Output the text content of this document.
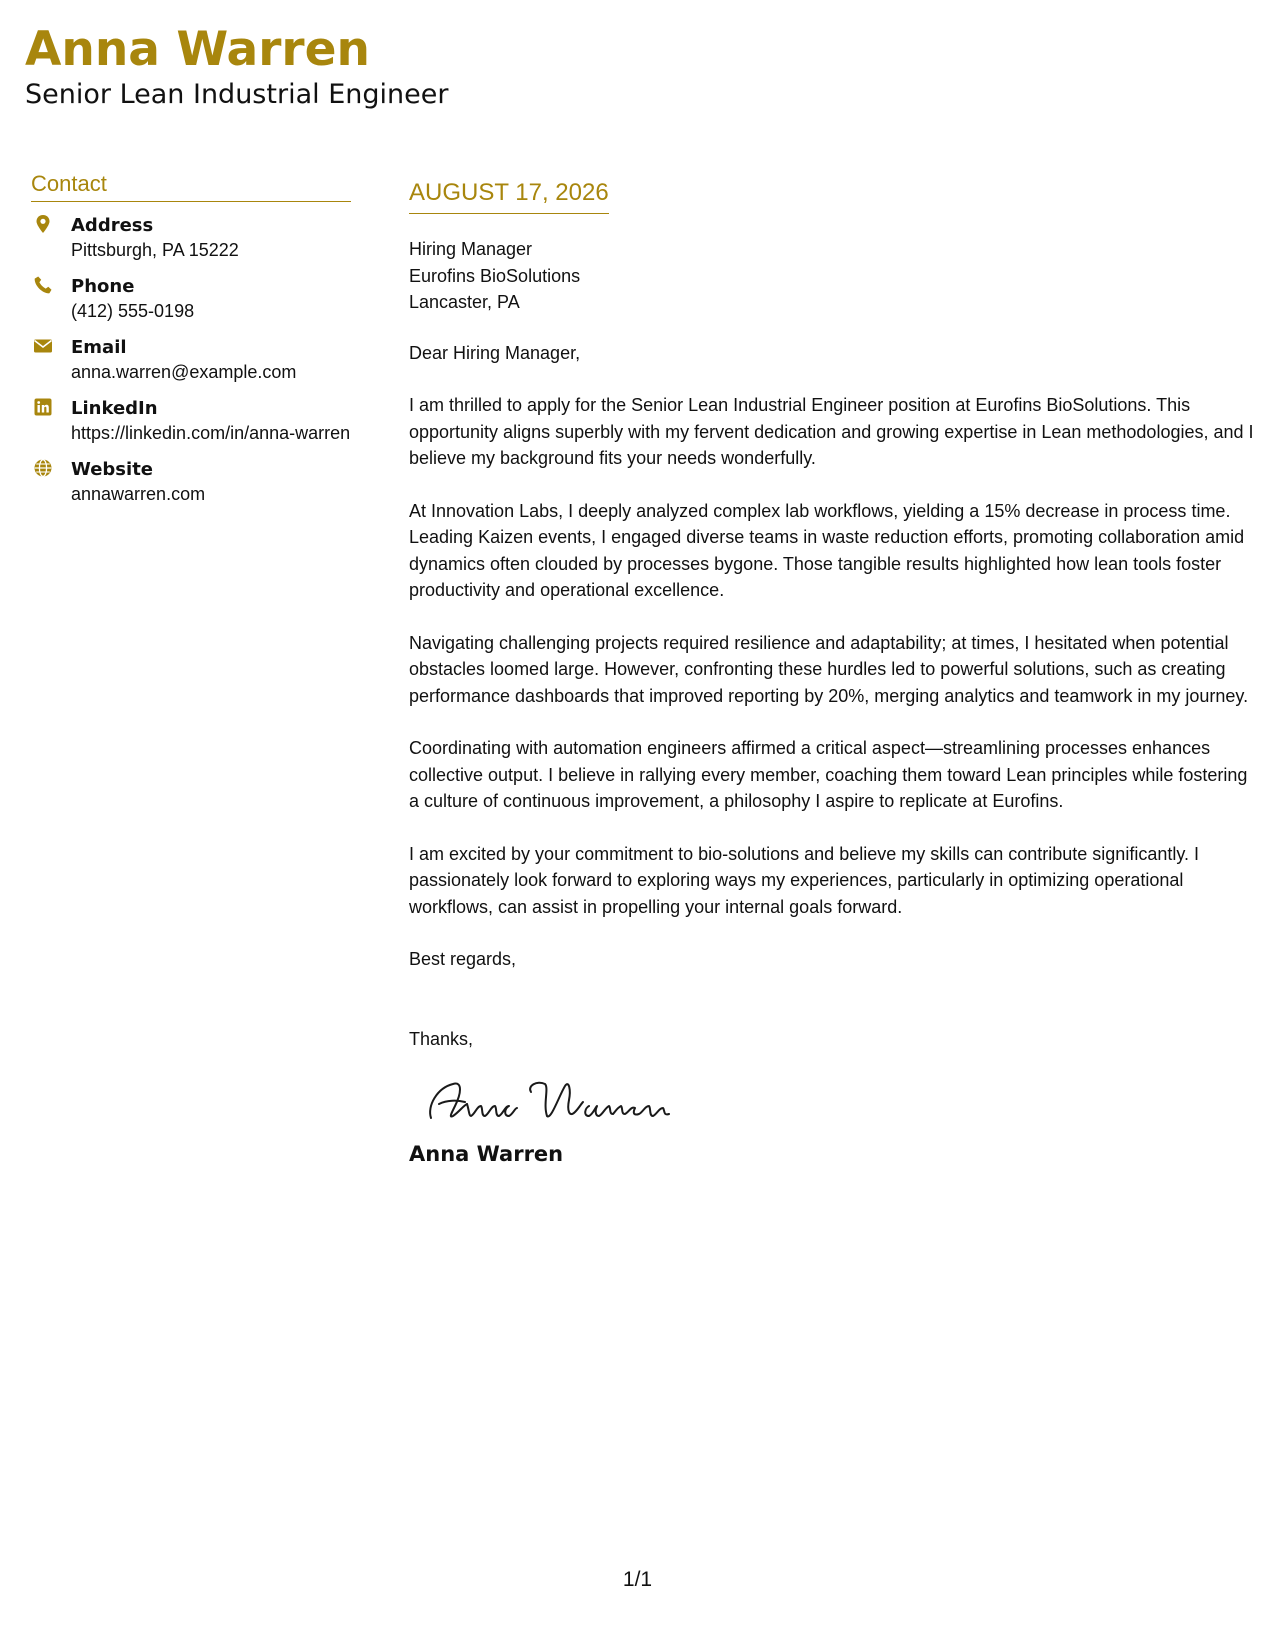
Anna Warren
Senior Lean Industrial Engineer
Contact
Address
Pittsburgh, PA 15222
Phone
(412) 555-0198
Email
anna.warren@example.com
LinkedIn
https://linkedin.com/in/anna-warren
Website
annawarren.com
AUGUST 17, 2026
Hiring Manager
Eurofins BioSolutions
Lancaster, PA
Dear Hiring Manager,

I am thrilled to apply for the Senior Lean Industrial Engineer position at Eurofins BioSolutions. This opportunity aligns superbly with my fervent dedication and growing expertise in Lean methodologies, and I believe my background fits your needs wonderfully.

At Innovation Labs, I deeply analyzed complex lab workflows, yielding a 15% decrease in process time. Leading Kaizen events, I engaged diverse teams in waste reduction efforts, promoting collaboration amid dynamics often clouded by processes bygone. Those tangible results highlighted how lean tools foster productivity and operational excellence.

Navigating challenging projects required resilience and adaptability; at times, I hesitated when potential obstacles loomed large. However, confronting these hurdles led to powerful solutions, such as creating performance dashboards that improved reporting by 20%, merging analytics and teamwork in my journey.

Coordinating with automation engineers affirmed a critical aspect—streamlining processes enhances collective output. I believe in rallying every member, coaching them toward Lean principles while fostering a culture of continuous improvement, a philosophy I aspire to replicate at Eurofins.

I am excited by your commitment to bio-solutions and believe my skills can contribute significantly. I passionately look forward to exploring ways my experiences, particularly in optimizing operational workflows, can assist in propelling your internal goals forward.

Best regards,
Thanks,
Anna Warren
1/1
